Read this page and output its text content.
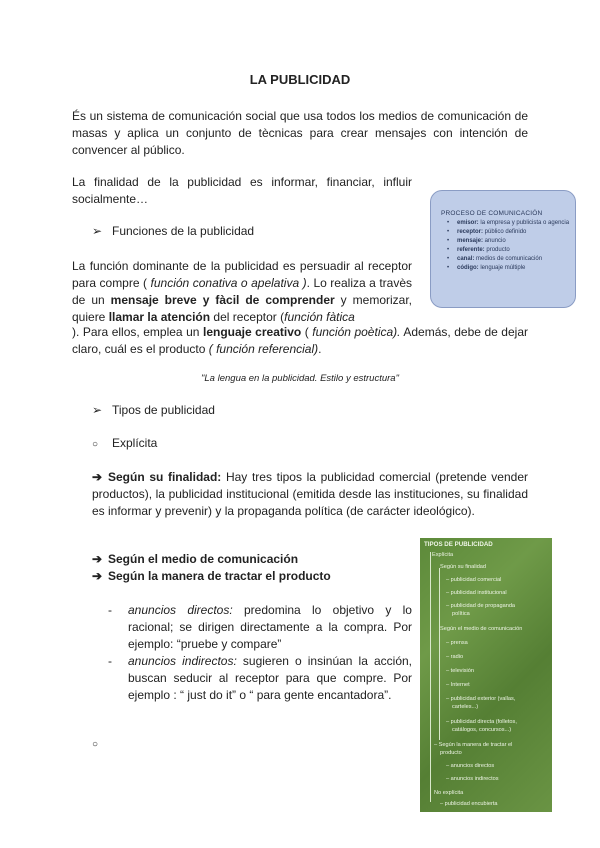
LA PUBLICIDAD
És un sistema de comunicación social que usa todos los medios de comunicación de masas y aplica un conjunto de tècnicas para crear mensajes con intención de convencer al público.
La finalidad de la publicidad es informar, financiar, influir socialmente…
➢ Funciones de la publicidad
La función dominante de la publicidad es persuadir al receptor para compre ( función conativa o apelativa ). Lo realiza a travès de un mensaje breve y fàcil de comprender y memorizar, quiere llamar la atención del receptor (función fàtica
). Para ellos, emplea un lenguaje creativo ( función poètica). Además, debe de dejar claro, cuál es el producto ( función referencial).
PROCESO DE COMUNICACIÓN
• emisor: la empresa y publicista o agencia
• receptor: público definido
• mensaje: anuncio
• referente: producto
• canal: medios de comunicación
• código: lenguaje múltiple
"La lengua en la publicidad. Estilo y estructura"
➢ Tipos de publicidad
○ Explícita
➔ Según su finalidad: Hay tres tipos la publicidad comercial (pretende vender productos), la publicidad institucional (emitida desde las instituciones, su finalidad es informar y prevenir) y la propaganda política (de carácter ideológico).
➔ Según el medio de comunicación
➔ Según la manera de tractar el producto
- anuncios directos: predomina lo objetivo y lo racional; se dirigen directamente a la compra. Por ejemplo: “pruebe y compare”
- anuncios indirectos: sugieren o insinúan la acción, buscan seducir al receptor para que compre. Por ejemplo : “ just do it” o “ para gente encantadora”.
○
TIPOS DE PUBLICIDAD
Explícita
Según su finalidad
– publicidad comercial
– publicidad institucional
– publicidad de propaganda
política
Según el medio de comunicación
– prensa
– radio
– televisión
– Internet
– publicidad exterior (vallas,
carteles...)
– publicidad directa (folletos,
catálogos, concursos...)
– Según la manera de tractar el
producto
– anuncios directos
– anuncios indirectos
No explícita
– publicidad encubierta
